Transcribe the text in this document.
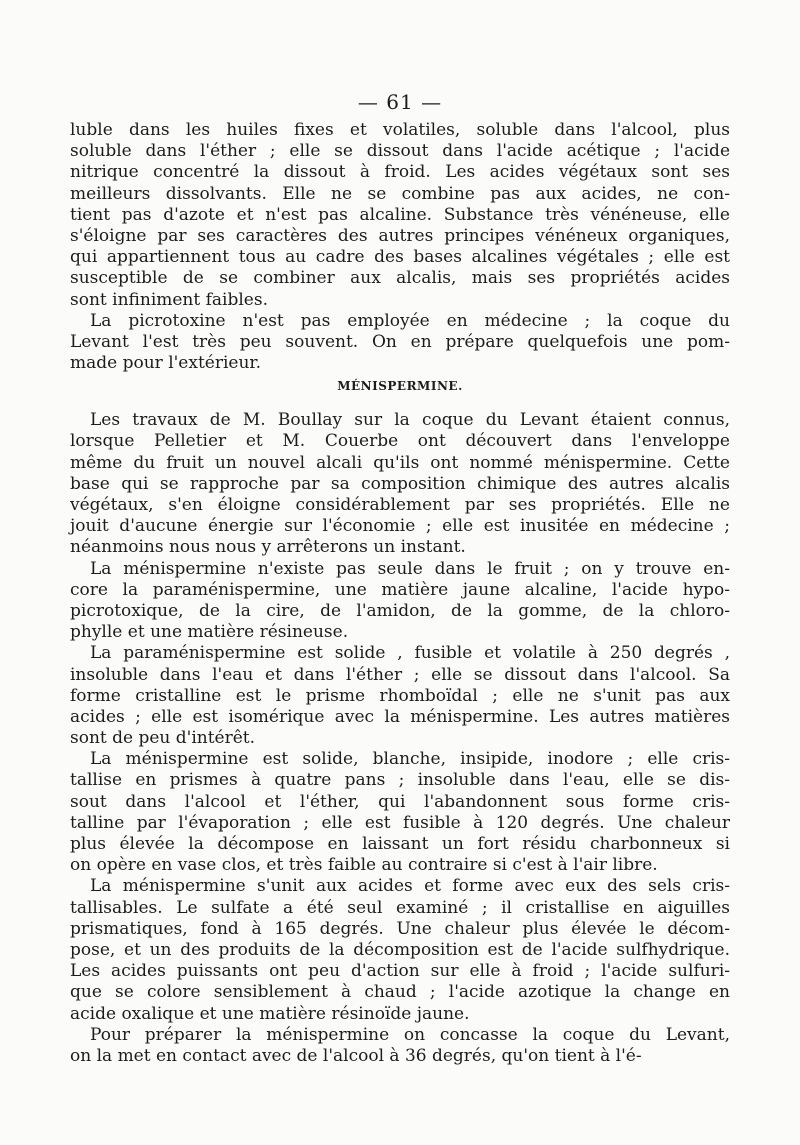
— 61 —
luble dans les huiles fixes et volatiles, soluble dans l'alcool, plus
soluble dans l'éther ; elle se dissout dans l'acide acétique ; l'acide
nitrique concentré la dissout à froid. Les acides végétaux sont ses
meilleurs dissolvants. Elle ne se combine pas aux acides, ne con-
tient pas d'azote et n'est pas alcaline. Substance très vénéneuse, elle
s'éloigne par ses caractères des autres principes vénéneux organiques,
qui appartiennent tous au cadre des bases alcalines végétales ; elle est
susceptible de se combiner aux alcalis, mais ses propriétés acides
sont infiniment faibles.
La picrotoxine n'est pas employée en médecine ; la coque du
Levant l'est très peu souvent. On en prépare quelquefois une pom-
made pour l'extérieur.
MÉNISPERMINE.
Les travaux de M. Boullay sur la coque du Levant étaient connus,
lorsque Pelletier et M. Couerbe ont découvert dans l'enveloppe
même du fruit un nouvel alcali qu'ils ont nommé ménispermine. Cette
base qui se rapproche par sa composition chimique des autres alcalis
végétaux, s'en éloigne considérablement par ses propriétés. Elle ne
jouit d'aucune énergie sur l'économie ; elle est inusitée en médecine ;
néanmoins nous nous y arrêterons un instant.
La ménispermine n'existe pas seule dans le fruit ; on y trouve en-
core la paraménispermine, une matière jaune alcaline, l'acide hypo-
picrotoxique, de la cire, de l'amidon, de la gomme, de la chloro-
phylle et une matière résineuse.
La paraménispermine est solide , fusible et volatile à 250 degrés ,
insoluble dans l'eau et dans l'éther ; elle se dissout dans l'alcool. Sa
forme cristalline est le prisme rhomboïdal ; elle ne s'unit pas aux
acides ; elle est isomérique avec la ménispermine. Les autres matières
sont de peu d'intérêt.
La ménispermine est solide, blanche, insipide, inodore ; elle cris-
tallise en prismes à quatre pans ; insoluble dans l'eau, elle se dis-
sout dans l'alcool et l'éther, qui l'abandonnent sous forme cris-
talline par l'évaporation ; elle est fusible à 120 degrés. Une chaleur
plus élevée la décompose en laissant un fort résidu charbonneux si
on opère en vase clos, et très faible au contraire si c'est à l'air libre.
La ménispermine s'unit aux acides et forme avec eux des sels cris-
tallisables. Le sulfate a été seul examiné ; il cristallise en aiguilles
prismatiques, fond à 165 degrés. Une chaleur plus élevée le décom-
pose, et un des produits de la décomposition est de l'acide sulfhydrique.
Les acides puissants ont peu d'action sur elle à froid ; l'acide sulfuri-
que se colore sensiblement à chaud ; l'acide azotique la change en
acide oxalique et une matière résinoïde jaune.
Pour préparer la ménispermine on concasse la coque du Levant,
on la met en contact avec de l'alcool à 36 degrés, qu'on tient à l'é-
